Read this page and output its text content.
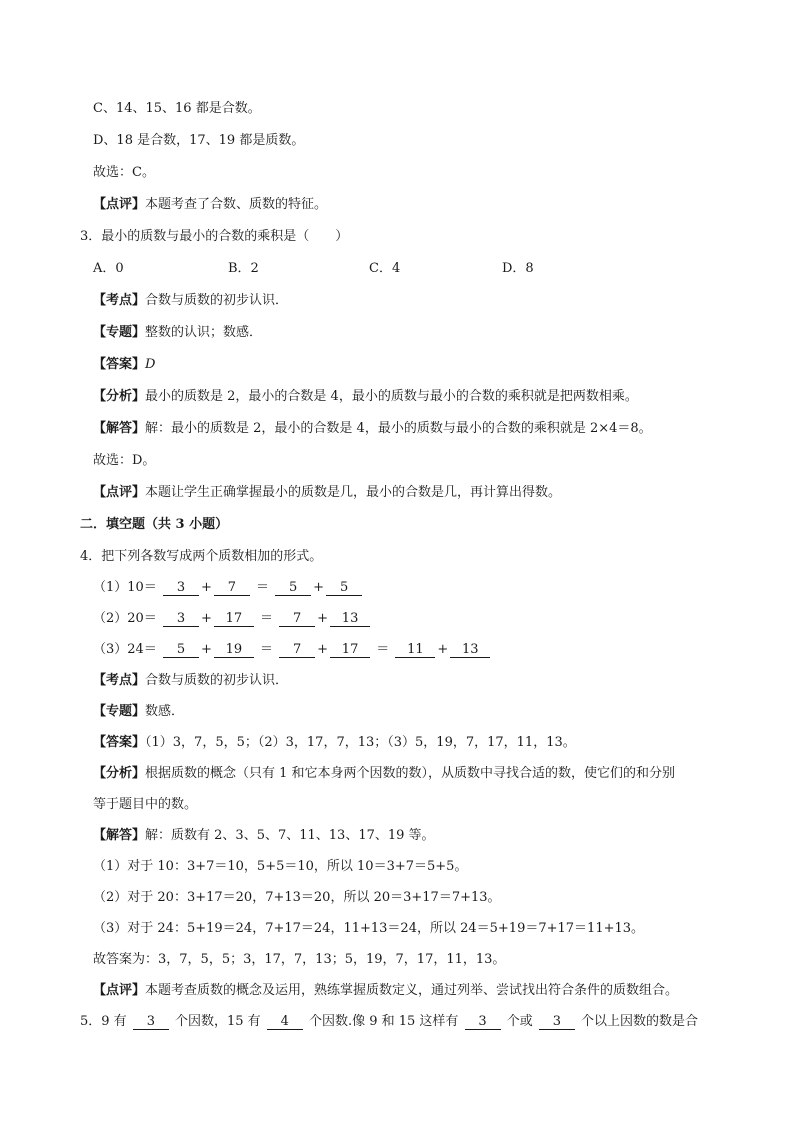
C、14、15、16 都是合数。
D、18 是合数，17、19 都是质数。
故选：C。
【点评】本题考查了合数、质数的特征。
3．最小的质数与最小的合数的乘积是（　　）
A．0	B．2	C．4	D．8
【考点】合数与质数的初步认识．
【专题】整数的认识；数感．
【答案】D
【分析】最小的质数是 2，最小的合数是 4，最小的质数与最小的合数的乘积就是把两数相乘。
【解答】解：最小的质数是 2，最小的合数是 4，最小的质数与最小的合数的乘积就是 2×4＝8。
故选：D。
【点评】本题让学生正确掌握最小的质数是几，最小的合数是几，再计算出得数。
二．填空题（共 3 小题）
4．把下列各数写成两个质数相加的形式。
（1）10＝ 3 + 7 ＝ 5 + 5
（2）20＝ 3 + 17 ＝ 7 + 13
（3）24＝ 5 + 19 ＝ 7 + 17 ＝ 11 + 13
【考点】合数与质数的初步认识．
【专题】数感．
【答案】（1）3，7，5，5；（2）3，17，7，13；（3）5，19，7，17，11，13。
【分析】根据质数的概念（只有 1 和它本身两个因数的数），从质数中寻找合适的数，使它们的和分别
等于题目中的数。
【解答】解：质数有 2、3、5、7、11、13、17、19 等。
（1）对于 10：3+7＝10，5+5＝10，所以 10＝3+7＝5+5。
（2）对于 20：3+17＝20，7+13＝20，所以 20＝3+17＝7+13。
（3）对于 24：5+19＝24，7+17＝24，11+13＝24，所以 24＝5+19＝7+17＝11+13。
故答案为：3，7，5，5；3，17，7，13；5，19，7，17，11，13。
【点评】本题考查质数的概念及运用，熟练掌握质数定义，通过列举、尝试找出符合条件的质数组合。
5．9 有 3 个因数，15 有 4 个因数.像 9 和 15 这样有 3 个或 3 个以上因数的数是合
